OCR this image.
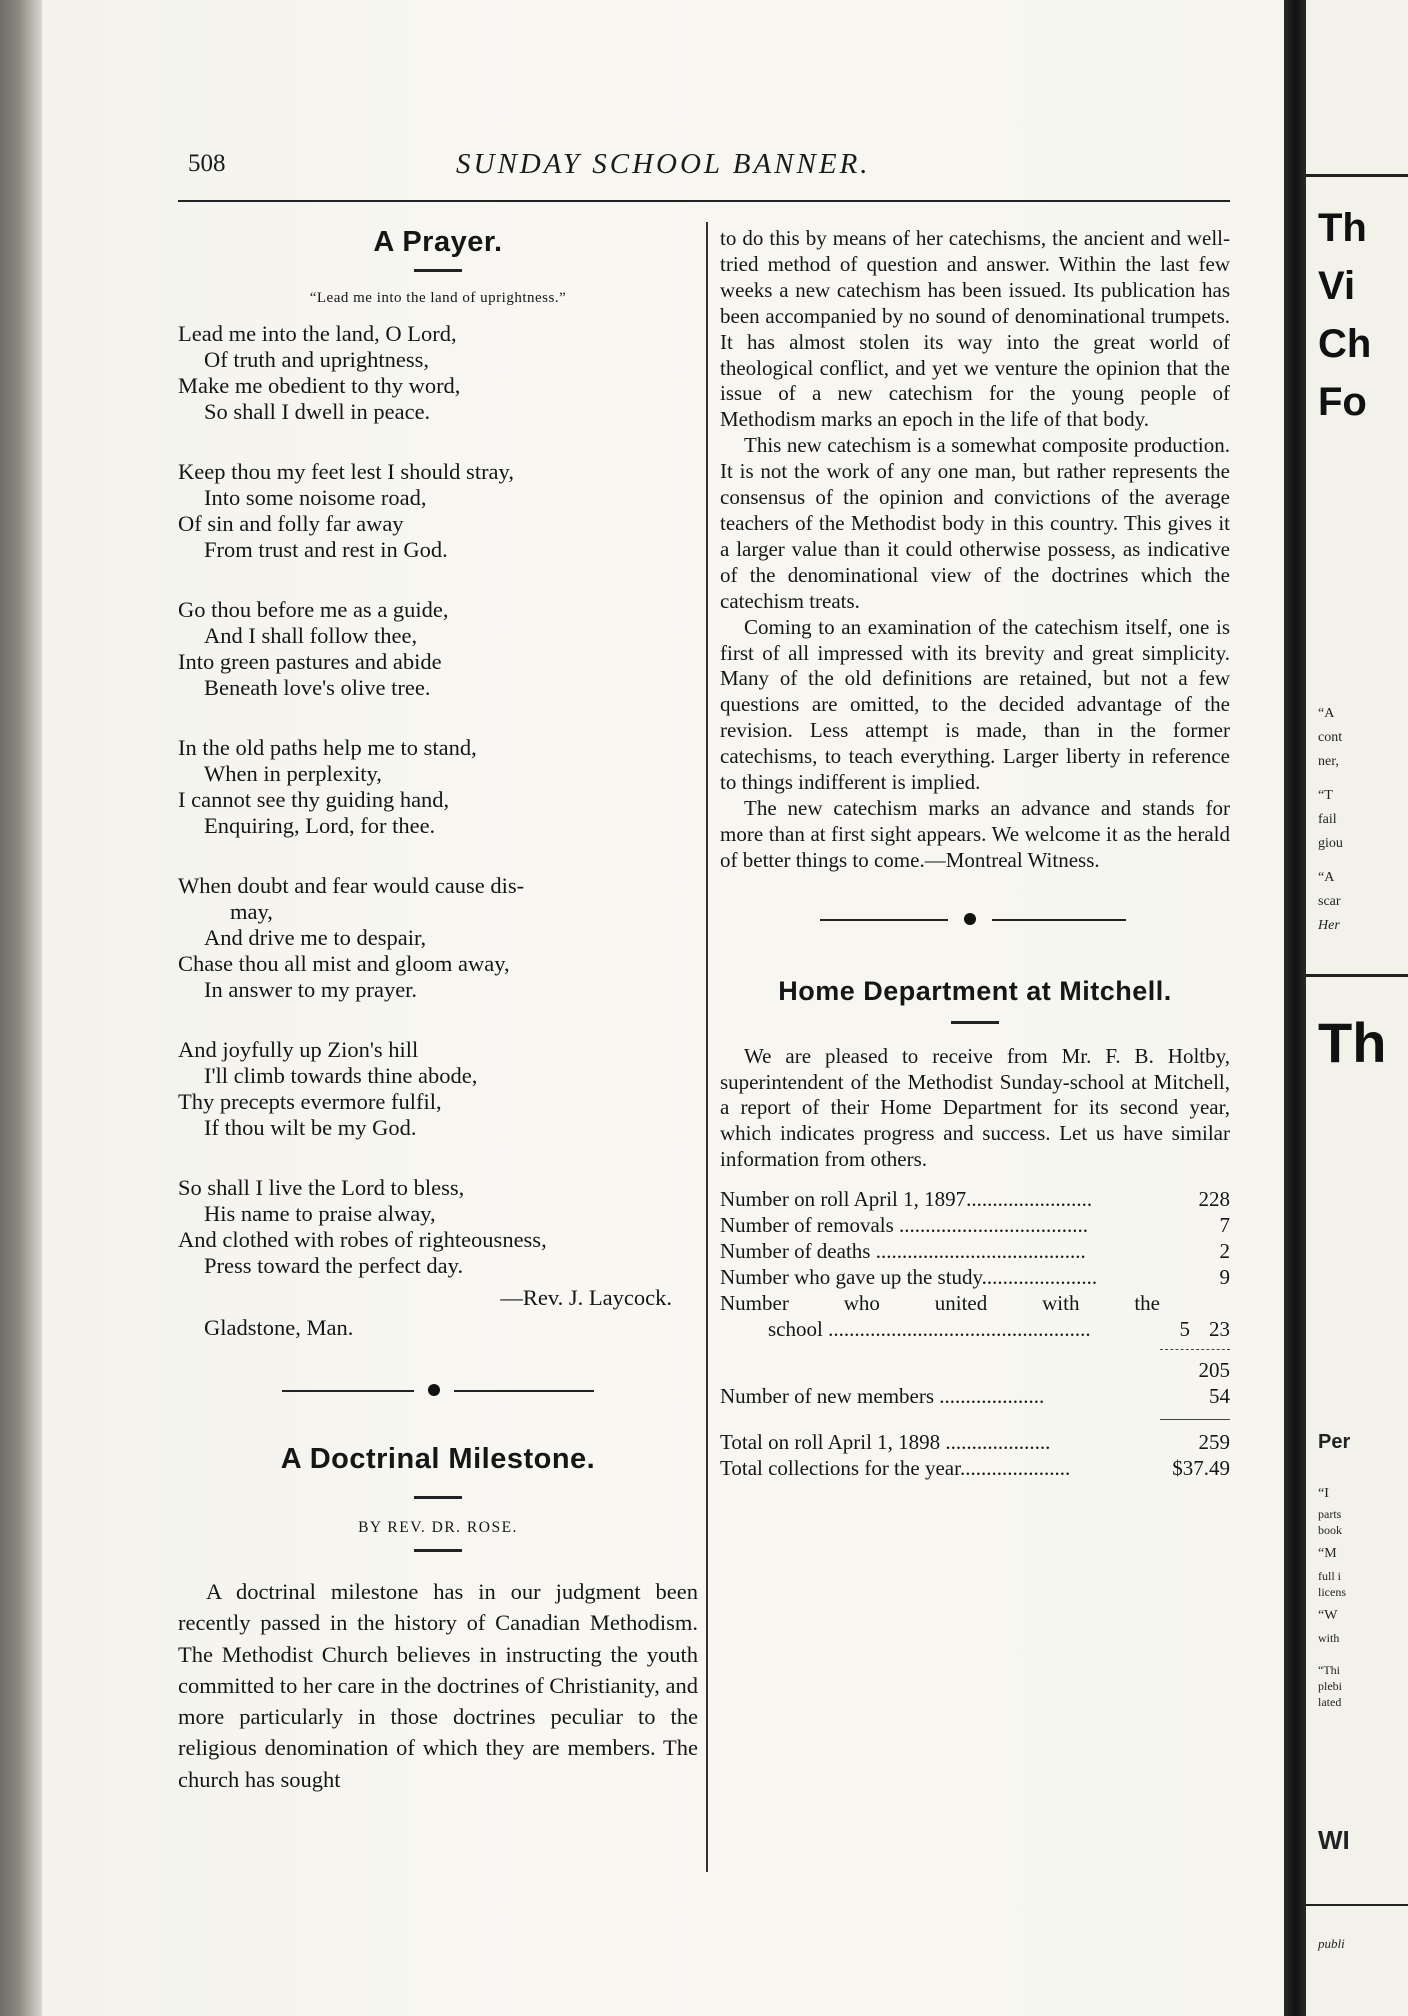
508	SUNDAY SCHOOL BANNER.
A Prayer.
“Lead me into the land of uprightness.”
Lead me into the land, O Lord,
Of truth and uprightness,
Make me obedient to thy word,
So shall I dwell in peace.
Keep thou my feet lest I should stray,
Into some noisome road,
Of sin and folly far away
From trust and rest in God.
Go thou before me as a guide,
And I shall follow thee,
Into green pastures and abide
Beneath love's olive tree.
In the old paths help me to stand,
When in perplexity,
I cannot see thy guiding hand,
Enquiring, Lord, for thee.
When doubt and fear would cause dis-
may,
And drive me to despair,
Chase thou all mist and gloom away,
In answer to my prayer.
And joyfully up Zion's hill
I'll climb towards thine abode,
Thy precepts evermore fulfil,
If thou wilt be my God.
So shall I live the Lord to bless,
His name to praise alway,
And clothed with robes of righteousness,
Press toward the perfect day.
—Rev. J. Laycock.
Gladstone, Man.
A Doctrinal Milestone.
BY REV. DR. ROSE.

A doctrinal milestone has in our judgment been recently passed in the history of Canadian Methodism. The Methodist Church believes in instructing the youth committed to her care in the doctrines of Christianity, and more particularly in those doctrines peculiar to the religious denomination of which they are members. The church has sought

to do this by means of her catechisms, the ancient and well-tried method of question and answer. Within the last few weeks a new catechism has been issued. Its publication has been accompanied by no sound of denominational trumpets. It has almost stolen its way into the great world of theological conflict, and yet we venture the opinion that the issue of a new catechism for the young people of Methodism marks an epoch in the life of that body.

This new catechism is a somewhat composite production. It is not the work of any one man, but rather represents the consensus of the opinion and convictions of the average teachers of the Methodist body in this country. This gives it a larger value than it could otherwise possess, as indicative of the denominational view of the doctrines which the catechism treats.

Coming to an examination of the catechism itself, one is first of all impressed with its brevity and great simplicity. Many of the old definitions are retained, but not a few questions are omitted, to the decided advantage of the revision. Less attempt is made, than in the former catechisms, to teach everything. Larger liberty in reference to things indifferent is implied.

The new catechism marks an advance and stands for more than at first sight appears. We welcome it as the herald of better things to come.—Montreal Witness.

Home Department at Mitchell.

We are pleased to receive from Mr. F. B. Holtby, superintendent of the Methodist Sunday-school at Mitchell, a report of their Home Department for its second year, which indicates progress and success. Let us have similar information from others.

Number on roll April 1, 1897........................	228
Number of removals ....................................	7
Number of deaths ........................................	2
Number who gave up the study......................	9
Number who united with the
school ..................................................	5 23
205
Number of new members ....................	54
Total on roll April 1, 1898 ....................	259
Total collections for the year.....................	$37.49
Th
Vi
Ch
Fo
“A
cont
ner,
“T
fail
giou
“A
scar
Her
Th
Per
“I
parts
book
“M
full i
licens
“W
with
“Thi
plebi
lated
WI
publi
